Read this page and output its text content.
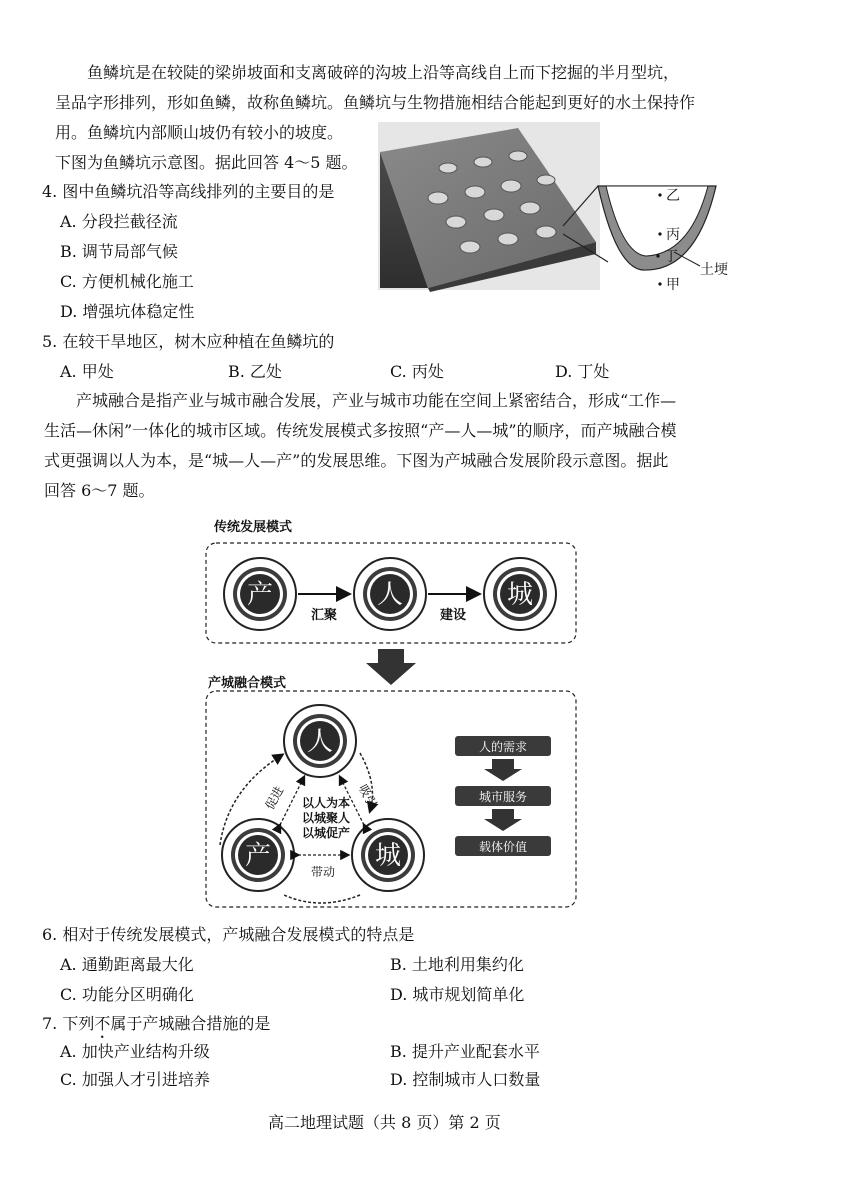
鱼鳞坑是在较陡的梁峁坡面和支离破碎的沟坡上沿等高线自上而下挖掘的半月型坑，
呈品字形排列，形如鱼鳞，故称鱼鳞坑。鱼鳞坑与生物措施相结合能起到更好的水土保持作
用。鱼鳞坑内部顺山坡仍有较小的坡度。
下图为鱼鳞坑示意图。据此回答 4～5 题。
4. 图中鱼鳞坑沿等高线排列的主要目的是
A. 分段拦截径流
B. 调节局部气候
C. 方便机械化施工
D. 增强坑体稳定性
乙
丙
丁
土埂
甲
5. 在较干旱地区，树木应种植在鱼鳞坑的
A. 甲处	B. 乙处	C. 丙处	D. 丁处
产城融合是指产业与城市融合发展，产业与城市功能在空间上紧密结合，形成“工作—
生活—休闲”一体化的城市区域。传统发展模式多按照“产—人—城”的顺序，而产城融合模
式更强调以人为本，是“城—人—产”的发展思维。下图为产城融合发展阶段示意图。据此
回答 6～7 题。
传统发展模式
产	人	城
汇聚	建设
产城融合模式
人
产	城
促进	吸引
带动
以人为本
以城聚人
以城促产
人的需求
城市服务
载体价值
6. 相对于传统发展模式，产城融合发展模式的特点是
A. 通勤距离最大化	B. 土地利用集约化
C. 功能分区明确化	D. 城市规划简单化
7. 下列不属于产城融合措施的是
A. 加快产业结构升级	B. 提升产业配套水平
C. 加强人才引进培养	D. 控制城市人口数量
高二地理试题（共 8 页）第 2 页
